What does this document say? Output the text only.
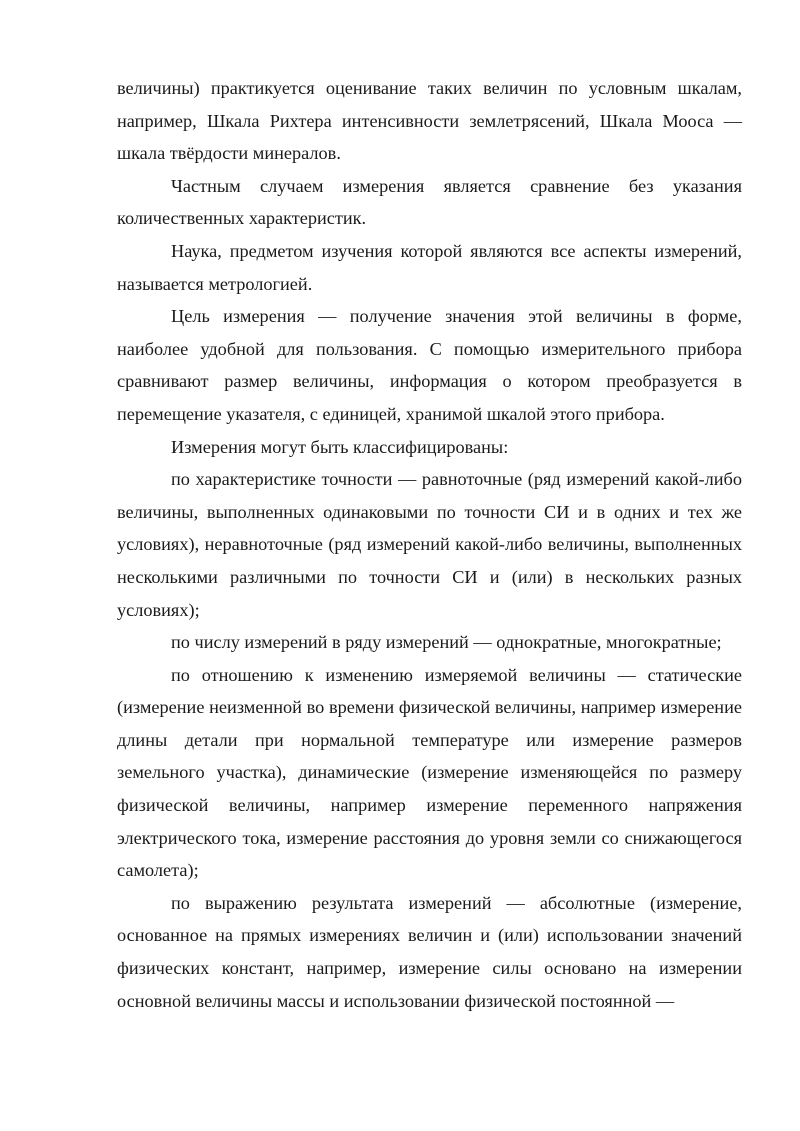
величины) практикуется оценивание таких величин по условным шкалам, например, Шкала Рихтера интенсивности землетрясений, Шкала Мооса — шкала твёрдости минералов.

Частным случаем измерения является сравнение без указания количественных характеристик.

Наука, предметом изучения которой являются все аспекты измерений, называется метрологией.

Цель измерения — получение значения этой величины в форме, наиболее удобной для пользования. С помощью измерительного прибора сравнивают размер величины, информация о котором преобразуется в перемещение указателя, с единицей, хранимой шкалой этого прибора.

Измерения могут быть классифицированы:

по характеристике точности — равноточные (ряд измерений какой-либо величины, выполненных одинаковыми по точности СИ и в одних и тех же условиях), неравноточные (ряд измерений какой-либо величины, выполненных несколькими различными по точности СИ и (или) в нескольких разных условиях);

по числу измерений в ряду измерений — однократные, многократные;

по отношению к изменению измеряемой величины — статические (измерение неизменной во времени физической величины, например измерение длины детали при нормальной температуре или измерение размеров земельного участка), динамические (измерение изменяющейся по размеру физической величины, например измерение переменного напряжения электрического тока, измерение расстояния до уровня земли со снижающегося самолета);

по выражению результата измерений — абсолютные (измерение, основанное на прямых измерениях величин и (или) использовании значений физических констант, например, измерение силы основано на измерении основной величины массы и использовании физической постоянной —
